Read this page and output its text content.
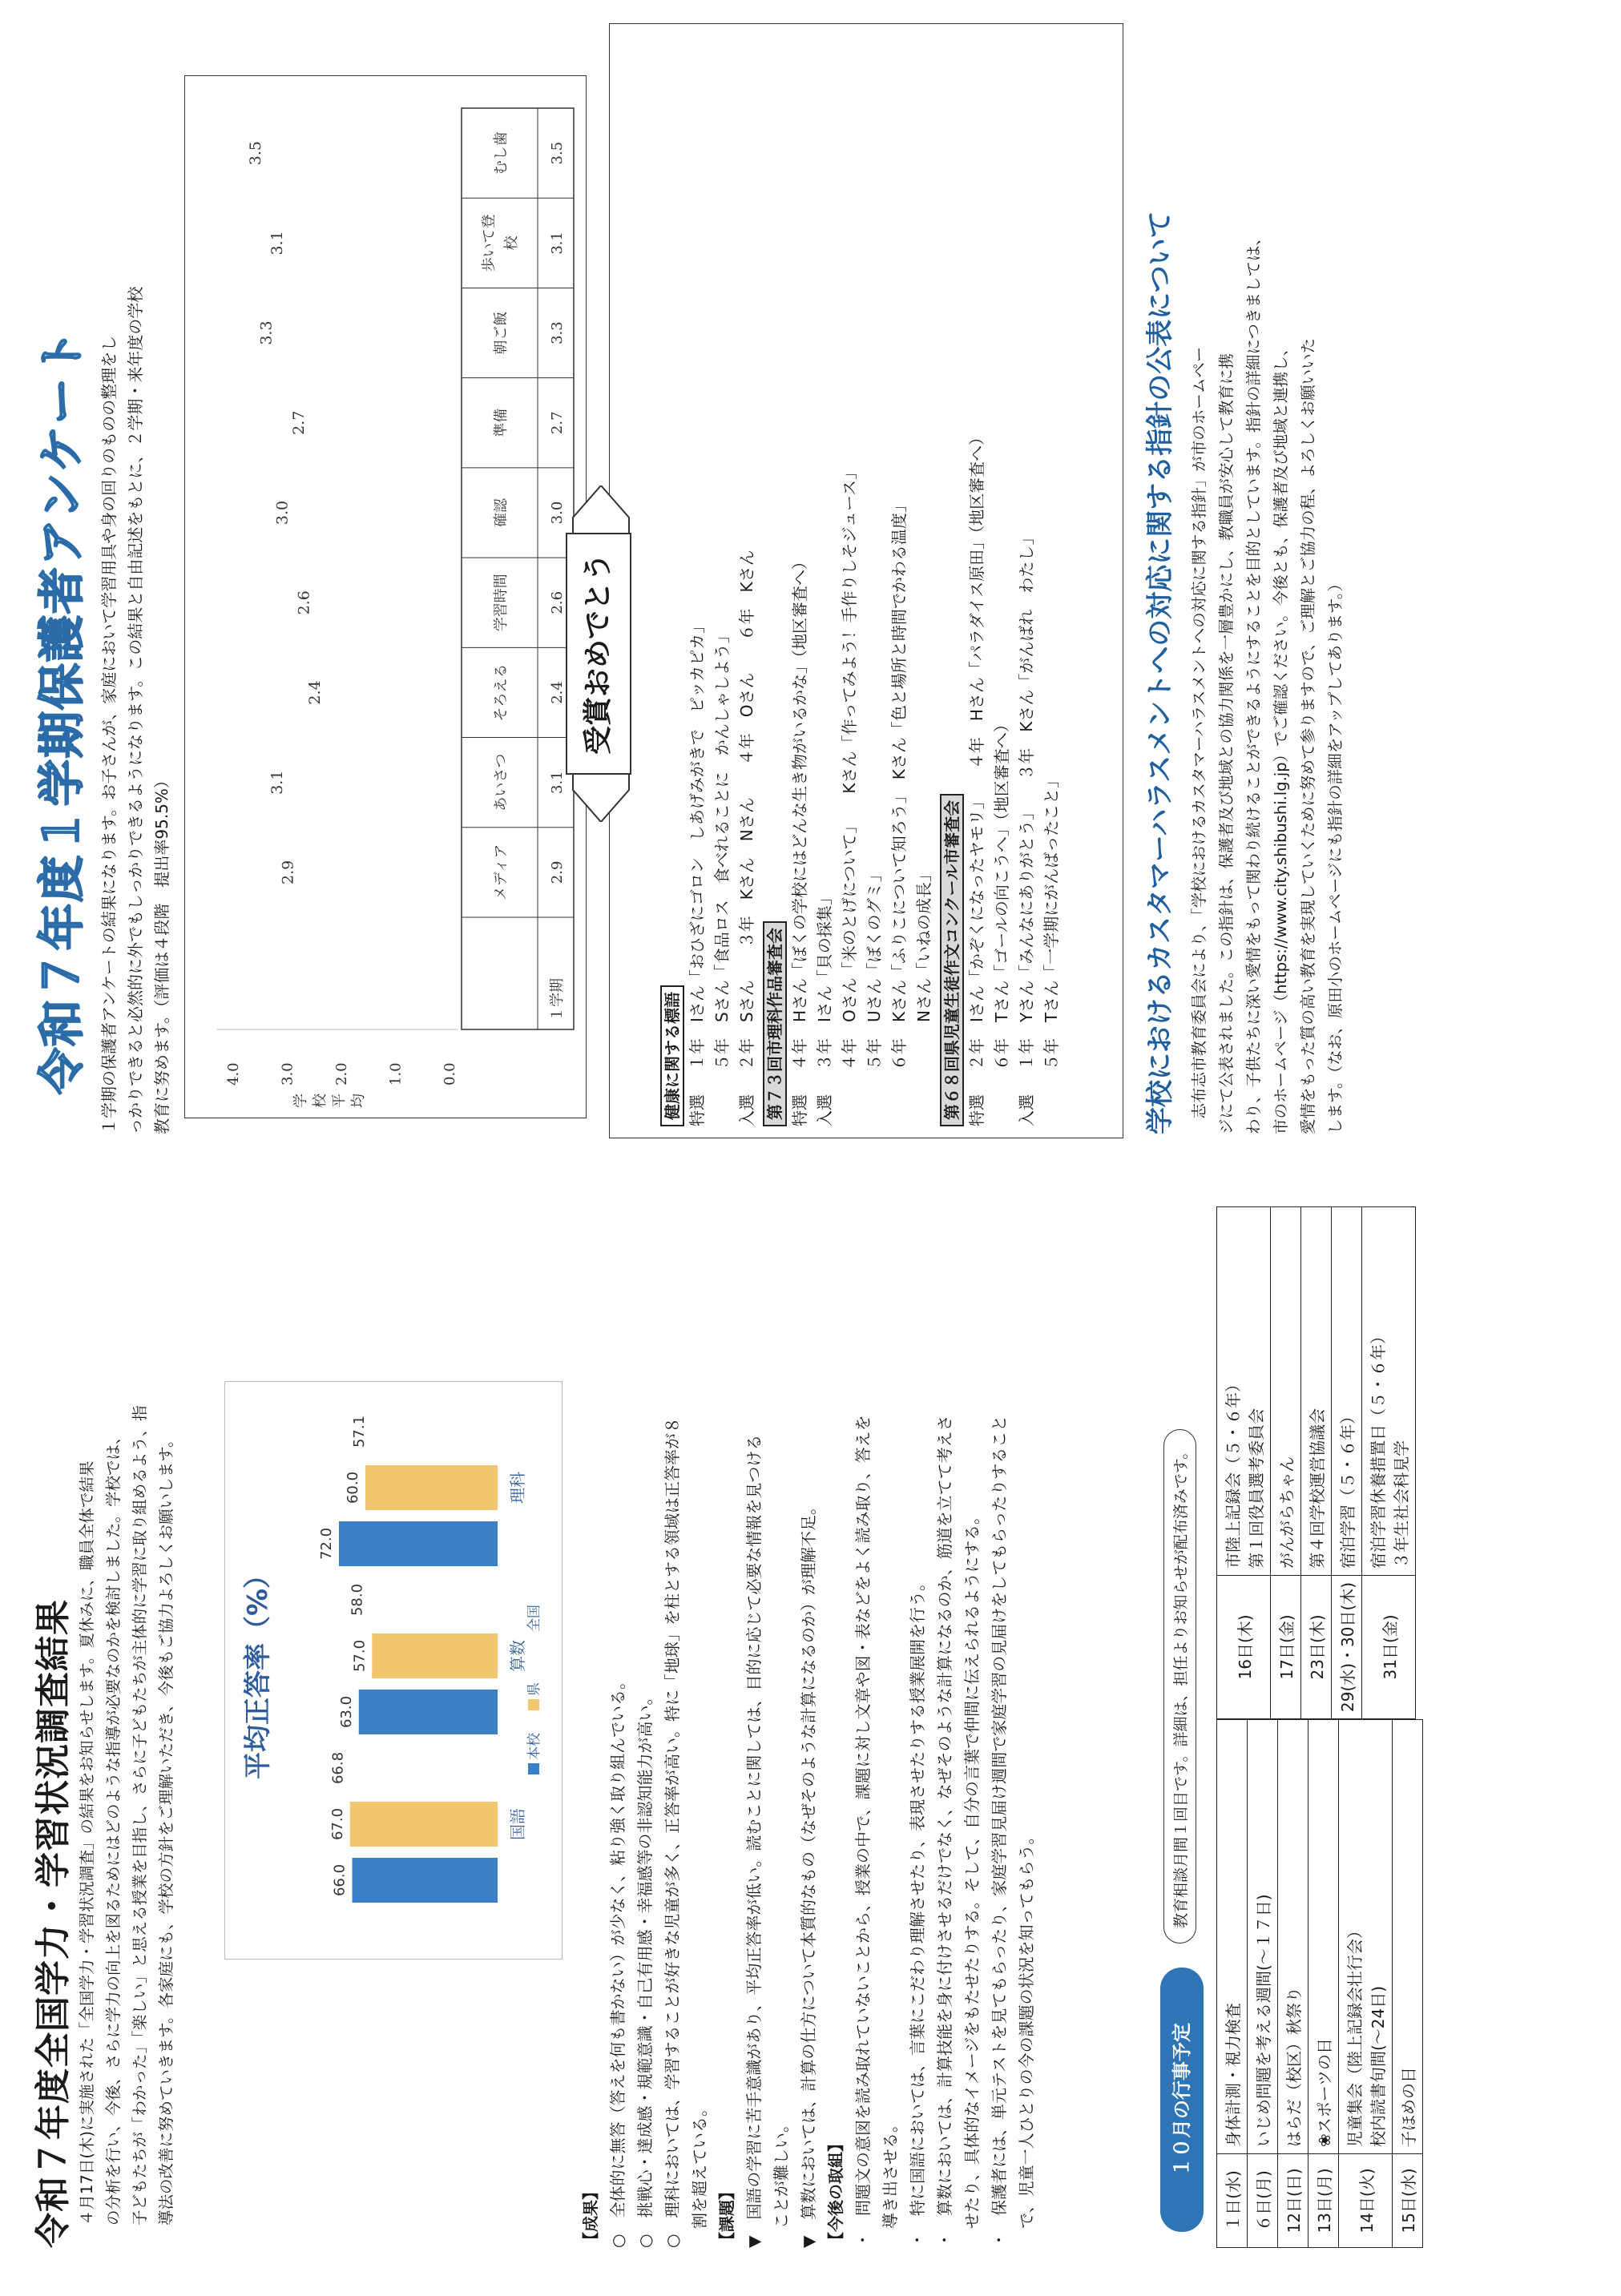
令和７年度全国学力・学習状況調査結果 ４月17日(木)に実施された「全国学力・学習状況調査」の結果をお知らせします。夏休みに、職員全体で結果 の分析を行い、今後、さらに学力の向上を図るためにはどのような指導が必要なのかを検討しました。学校では、 子どもたちが「わかった」「楽しい」と思える授業を目指し、さらに子どもたちが主体的に学習に取り組めるよう、指 導法の改善に努めていきます。各家庭にも、学校の方針をご理解いただき、今後もご協力よろしくお願いします。 平均正答率（%）
66.0
67.0
66.8
国語
63.0
57.0
58.0
算数
72.0
60.0
57.1
理科
本校
県
全国

【成果】 ○　全体的に無答（答えを何も書かない）が少なく、粘り強く取り組んでいる。 ○　挑戦心・達成感・規範意識・自己有用感・幸福感等の非認知能力が高い。 ○　理科においては、学習することが好きな児童が多く、正答率が高い。特に「地球」を柱とする領域は正答率が８ 割を超えている。 【課題】 ▼　国語の学習に苦手意識があり、平均正答率が低い。読むことに関しては、目的に応じて必要な情報を見つける ことが難しい。 ▼　算数においては、計算の仕方について本質的なもの（なぜそのような計算になるのか）が理解不足。 【今後の取組】 ・　問題文の意図を読み取れていないことから、授業の中で、課題に対し文章や図・表などをよく読み取り、答えを 導き出させる。 ・　特に国語においては、言葉にこだわり理解させたり、表現させたりする授業展開を行う。 ・　算数においては、計算技能を身に付けさせるだけでなく、なぜそのような計算になるのか、筋道を立てて考えさ せたり、具体的なイメージをもたせたりする。そして、自分の言葉で仲間に伝えられるようにする。 ・　保護者には、単元テストを見てもらったり、家庭学習見届け週間で家庭学習の見届けをしてもらったりすること で、児童一人ひとりの今の課題の状況を知ってもらう。	１０月の行事予定
教育相談月間１回目です。詳細は、担任よりお知らせが配布済みです。
１日(水)	身体計測・視力検査
６日(月)	いじめ問題を考える週間(～１７日)
12日(日)	はらだ（校区）秋祭り
13日(月)	❀スポーツの日
14日(火)	児童集会（陸上記録会壮行会）
校内読書旬間(～24日)
15日(水)	子ほめの日
16日(木)	市陸上記録会（５・６年）
第１回役員選考委員会
17日(金)	がんがらちゃん
23日(木)	第４回学校運営協議会
29(水)・30日(木)	宿泊学習（５・６年）
31日(金)	宿泊学習休養措置日（５・６年）
３年生社会科見学
令和７年度１学期保護者アンケート １学期の保護者アンケートの結果になります。お子さんが、家庭において学習用具や身の回りのものの整理をし っかりできると必然的に外でもしっかりできるようになります。この結果と自由記述をもとに、２学期・来年度の学校 教育に努めます。（評価は４段階　提出率95.5%）	0.0
1.0
2.0
3.0
4.0
学 校 平 均
2.9
3.1
2.4
2.6
3.0
2.7
3.3
3.1
3.5
１学期
メディア	2.9
あいさつ	3.1
そろえる	2.4
学習時間	2.6
確認	3.0
準備	2.7
朝ご飯	3.3
歩いて登 校 3.1
むし歯	3.5
受賞おめでとう
健康に関する標語 特選１年　Iさん「おひざにゴロン　しあげみがきで　ピッカピカ」 ５年　Sさん「食品ロス　食べれることに　かんしゃしよう」
入選２年　Sさん　　３年　Kさん　Nさん　　４年　Oさん　　６年　Kさん 第７３回市理科作品審査会 特選４年　Hさん「ぼくの学校にはどんな生き物がいるかな」（地区審査へ）
入選３年　Iさん「貝の採集」 ４年　Oさん「米のとげについて」　　Kさん「作ってみよう！手作りしそジュース」 ５年　Uさん「ぼくのグミ」 ６年　Kさん「ふりこについて知ろう」　Kさん「色と場所と時間でかわる温度」 　　　Nさん「いねの成長」 第６８回県児童生徒作文コンクール市審査会 特選２年　Iさん「かぞくになったヤモリ」　　４年　Hさん「パラダイス原田」（地区審査へ） ６年　Tさん「ゴールの向こうへ」（地区審査へ）
入選１年　Yさん「みんなにありがとう」　　３年　Kさん「がんばれ　わたし」 ５年　Tさん「一学期にがんばったこと」	学校におけるカスタマーハラスメントへの対応に関する指針の公表について 　志布志市教育委員会により、「学校におけるカスタマーハラスメントへの対応に関する指針」が市のホームペー ジにて公表されました。この指針は、保護者及び地域との協力関係を一層豊かにし、教職員が安心して教育に携 わり、子供たちに深い愛情をもって関わり続けることができるようにすることを目的としています。指針の詳細につきましては、 市のホームページ（https://www.city.shibushi.lg.jp）でご確認ください。今後とも、保護者及び地域と連携し、 愛情をもった質の高い教育を実現していくために努めて参りますので、ご理解とご協力の程、よろしくお願いいた します。（なお、原田小のホームページにも指針の詳細をアップしてあります。）
